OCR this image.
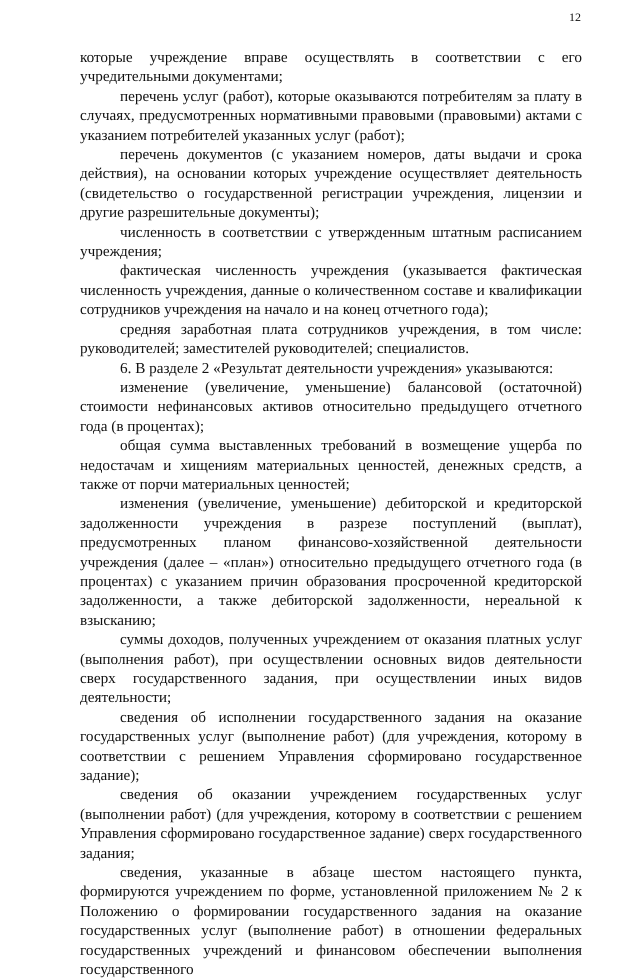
12

которые учреждение вправе осуществлять в соответствии с его учредительными документами;

перечень услуг (работ), которые оказываются потребителям за плату в случаях, предусмотренных нормативными правовыми (правовыми) актами с указанием потребителей указанных услуг (работ);

перечень документов (с указанием номеров, даты выдачи и срока действия), на основании которых учреждение осуществляет деятельность (свидетельство о государственной регистрации учреждения, лицензии и другие разрешительные документы);

численность в соответствии с утвержденным штатным расписанием учреждения;

фактическая численность учреждения (указывается фактическая численность учреждения, данные о количественном составе и квалификации сотрудников учреждения на начало и на конец отчетного года);

средняя заработная плата сотрудников учреждения, в том числе: руководителей; заместителей руководителей; специалистов.

6. В разделе 2 «Результат деятельности учреждения» указываются:

изменение (увеличение, уменьшение) балансовой (остаточной) стоимости нефинансовых активов относительно предыдущего отчетного года (в процентах);

общая сумма выставленных требований в возмещение ущерба по недостачам и хищениям материальных ценностей, денежных средств, а также от порчи материальных ценностей;

изменения (увеличение, уменьшение) дебиторской и кредиторской задолженности учреждения в разрезе поступлений (выплат), предусмотренных планом финансово-хозяйственной деятельности учреждения (далее – «план») относительно предыдущего отчетного года (в процентах) с указанием причин образования просроченной кредиторской задолженности, а также дебиторской задолженности, нереальной к взысканию;

суммы доходов, полученных учреждением от оказания платных услуг (выполнения работ), при осуществлении основных видов деятельности сверх государственного задания, при осуществлении иных видов деятельности;

сведения об исполнении государственного задания на оказание государственных услуг (выполнение работ) (для учреждения, которому в соответствии с решением Управления сформировано государственное задание);

сведения об оказании учреждением государственных услуг (выполнении работ) (для учреждения, которому в соответствии с решением Управления сформировано государственное задание) сверх государственного задания;

сведения, указанные в абзаце шестом настоящего пункта, формируются учреждением по форме, установленной приложением № 2 к Положению о формировании государственного задания на оказание государственных услуг (выполнение работ) в отношении федеральных государственных учреждений и финансовом обеспечении выполнения государственного
